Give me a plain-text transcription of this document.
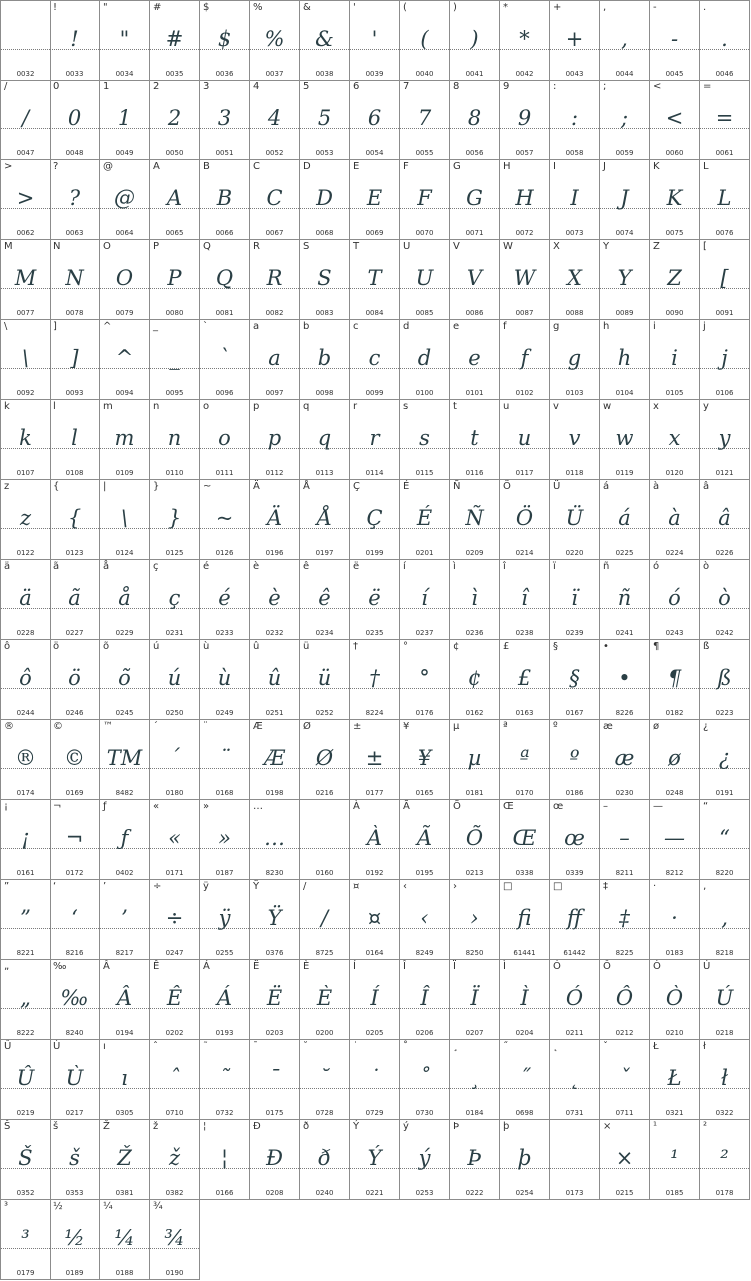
0032
!
!
0033
"
"
0034
#
#
0035
$
$
0036
%
%
0037
&
&
0038
'
'
0039
(
(
0040
)
)
0041
*
*
0042
+
+
0043
,
,
0044
-
-
0045
.
.
0046
/
/
0047
0
0
0048
1
1
0049
2
2
0050
3
3
0051
4
4
0052
5
5
0053
6
6
0054
7
7
0055
8
8
0056
9
9
0057
:
:
0058
;
;
0059
<
<
0060
=
=
0061
>
>
0062
?
?
0063
@
@
0064
A
A
0065
B
B
0066
C
C
0067
D
D
0068
E
E
0069
F
F
0070
G
G
0071
H
H
0072
I
I
0073
J
J
0074
K
K
0075
L
L
0076
M
M
0077
N
N
0078
O
O
0079
P
P
0080
Q
Q
0081
R
R
0082
S
S
0083
T
T
0084
U
U
0085
V
V
0086
W
W
0087
X
X
0088
Y
Y
0089
Z
Z
0090
[
[
0091
\
\
0092
]
]
0093
^
^
0094
_
_
0095
`
`
0096
a
a
0097
b
b
0098
c
c
0099
d
d
0100
e
e
0101
f
f
0102
g
g
0103
h
h
0104
i
i
0105
j
j
0106
k
k
0107
l
l
0108
m
m
0109
n
n
0110
o
o
0111
p
p
0112
q
q
0113
r
r
0114
s
s
0115
t
t
0116
u
u
0117
v
v
0118
w
w
0119
x
x
0120
y
y
0121
z
z
0122
{
{
0123
|
\
0124
}
}
0125
~
~
0126
Ä
Ä
0196
Å
Å
0197
Ç
Ç
0199
É
É
0201
Ñ
Ñ
0209
Ö
Ö
0214
Ü
Ü
0220
á
á
0225
à
à
0224
â
â
0226
ä
ä
0228
ã
ã
0227
å
å
0229
ç
ç
0231
é
é
0233
è
è
0232
ê
ê
0234
ë
ë
0235
í
í
0237
ì
ì
0236
î
î
0238
ï
ï
0239
ñ
ñ
0241
ó
ó
0243
ò
ò
0242
ô
ô
0244
ö
ö
0246
õ
õ
0245
ú
ú
0250
ù
ù
0249
û
û
0251
ü
ü
0252
†
†
8224
°
°
0176
¢
¢
0162
£
£
0163
§
§
0167
•
•
8226
¶
¶
0182
ß
ß
0223
®
®
0174
©
©
0169
™
TM
8482
´
´
0180
¨
¨
0168
Æ
Æ
0198
Ø
Ø
0216
±
±
0177
¥
¥
0165
µ
µ
0181
ª
ª
0170
º
º
0186
æ
æ
0230
ø
ø
0248
¿
¿
0191
¡
¡
0161
¬
¬
0172
ƒ
ƒ
0402
«
«
0171
»
»
0187
…
…
8230	0160
À
À
0192
Ã
Ã
0195
Õ
Õ
0213
Œ
Œ
0338
œ
œ
0339
–
–
8211
—
—
8212
“
“
8220
”
”
8221
‘
‘
8216
’
’
8217
÷
÷
0247
ÿ
ÿ
0255
Ÿ
Ÿ
0376
/
/
8725
¤
¤
0164
‹
‹
8249
›
›
8250
□
fi
61441
□
ff
61442
‡
‡
8225
·
·
0183
‚
‚
8218
„
„
8222
‰
‰
8240
Â
Â
0194
Ê
Ê
0202
Á
Á
0193
Ë
Ë
0203
È
È
0200
Í
Í
0205
Î
Î
0206
Ï
Ï
0207
Ì
Ì
0204
Ó
Ó
0211
Ô
Ô
0212
Ò
Ò
0210
Ú
Ú
0218
Û
Û
0219
Ù
Ù
0217
ı
ı
0305
ˆ
ˆ
0710
˜
˜
0732
¯
¯
0175
˘
˘
0728
˙
˙
0729
˚
˚
0730
¸
¸
0184
˝
˝
0698
˛
˛
0731
ˇ
ˇ
0711
Ł
Ł
0321
ł
ł
0322
Š
Š
0352
š
š
0353
Ž
Ž
0381
ž
ž
0382
¦
¦
0166
Ð
Ð
0208
ð
ð
0240
Ý
Ý
0221
ý
ý
0253
Þ
Þ
0222
þ
þ
0254	0173
×
×
0215
¹
¹
0185
²
²
0178
³
³
0179
½
½
0189
¼
¼
0188
¾
¾
0190
